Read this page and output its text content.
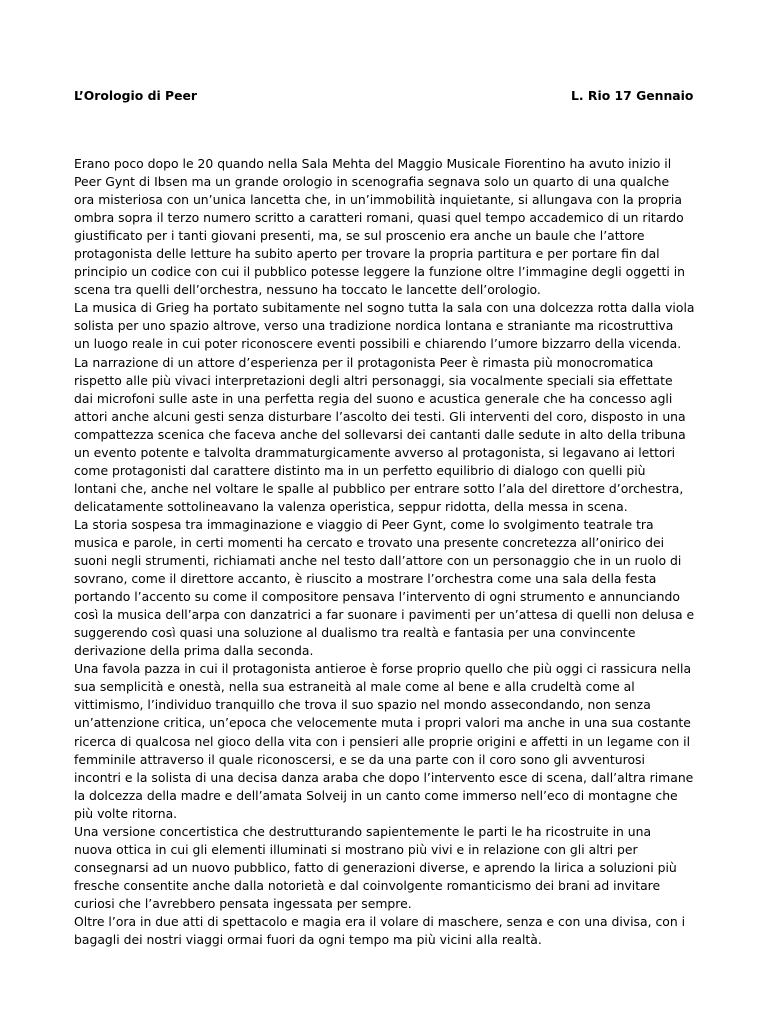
L’Orologio di Peer	L. Rio 17 Gennaio
Erano poco dopo le 20 quando nella Sala Mehta del Maggio Musicale Fiorentino ha avuto inizio il
Peer Gynt di Ibsen ma un grande orologio in scenografia segnava solo un quarto di una qualche
ora misteriosa con un’unica lancetta che, in un’immobilità inquietante, si allungava con la propria
ombra sopra il terzo numero scritto a caratteri romani, quasi quel tempo accademico di un ritardo
giustificato per i tanti giovani presenti, ma, se sul proscenio era anche un baule che l’attore
protagonista delle letture ha subito aperto per trovare la propria partitura e per portare fin dal
principio un codice con cui il pubblico potesse leggere la funzione oltre l’immagine degli oggetti in
scena tra quelli dell’orchestra, nessuno ha toccato le lancette dell’orologio.
La musica di Grieg ha portato subitamente nel sogno tutta la sala con una dolcezza rotta dalla viola
solista per uno spazio altrove, verso una tradizione nordica lontana e straniante ma ricostruttiva
un luogo reale in cui poter riconoscere eventi possibili e chiarendo l’umore bizzarro della vicenda.
La narrazione di un attore d’esperienza per il protagonista Peer è rimasta più monocromatica
rispetto alle più vivaci interpretazioni degli altri personaggi, sia vocalmente speciali sia effettate
dai microfoni sulle aste in una perfetta regia del suono e acustica generale che ha concesso agli
attori anche alcuni gesti senza disturbare l’ascolto dei testi. Gli interventi del coro, disposto in una
compattezza scenica che faceva anche del sollevarsi dei cantanti dalle sedute in alto della tribuna
un evento potente e talvolta drammaturgicamente avverso al protagonista, si legavano ai lettori
come protagonisti dal carattere distinto ma in un perfetto equilibrio di dialogo con quelli più
lontani che, anche nel voltare le spalle al pubblico per entrare sotto l’ala del direttore d’orchestra,
delicatamente sottolineavano la valenza operistica, seppur ridotta, della messa in scena.
La storia sospesa tra immaginazione e viaggio di Peer Gynt, come lo svolgimento teatrale tra
musica e parole, in certi momenti ha cercato e trovato una presente concretezza all’onirico dei
suoni negli strumenti, richiamati anche nel testo dall’attore con un personaggio che in un ruolo di
sovrano, come il direttore accanto, è riuscito a mostrare l’orchestra come una sala della festa
portando l’accento su come il compositore pensava l’intervento di ogni strumento e annunciando
così la musica dell’arpa con danzatrici a far suonare i pavimenti per un’attesa di quelli non delusa e
suggerendo così quasi una soluzione al dualismo tra realtà e fantasia per una convincente
derivazione della prima dalla seconda.
Una favola pazza in cui il protagonista antieroe è forse proprio quello che più oggi ci rassicura nella
sua semplicità e onestà, nella sua estraneità al male come al bene e alla crudeltà come al
vittimismo, l’individuo tranquillo che trova il suo spazio nel mondo assecondando, non senza
un’attenzione critica, un’epoca che velocemente muta i propri valori ma anche in una sua costante
ricerca di qualcosa nel gioco della vita con i pensieri alle proprie origini e affetti in un legame con il
femminile attraverso il quale riconoscersi, e se da una parte con il coro sono gli avventurosi
incontri e la solista di una decisa danza araba che dopo l’intervento esce di scena, dall’altra rimane
la dolcezza della madre e dell’amata Solveij in un canto come immerso nell’eco di montagne che
più volte ritorna.
Una versione concertistica che destrutturando sapientemente le parti le ha ricostruite in una
nuova ottica in cui gli elementi illuminati si mostrano più vivi e in relazione con gli altri per
consegnarsi ad un nuovo pubblico, fatto di generazioni diverse, e aprendo la lirica a soluzioni più
fresche consentite anche dalla notorietà e dal coinvolgente romanticismo dei brani ad invitare
curiosi che l’avrebbero pensata ingessata per sempre.
Oltre l’ora in due atti di spettacolo e magia era il volare di maschere, senza e con una divisa, con i
bagagli dei nostri viaggi ormai fuori da ogni tempo ma più vicini alla realtà.
